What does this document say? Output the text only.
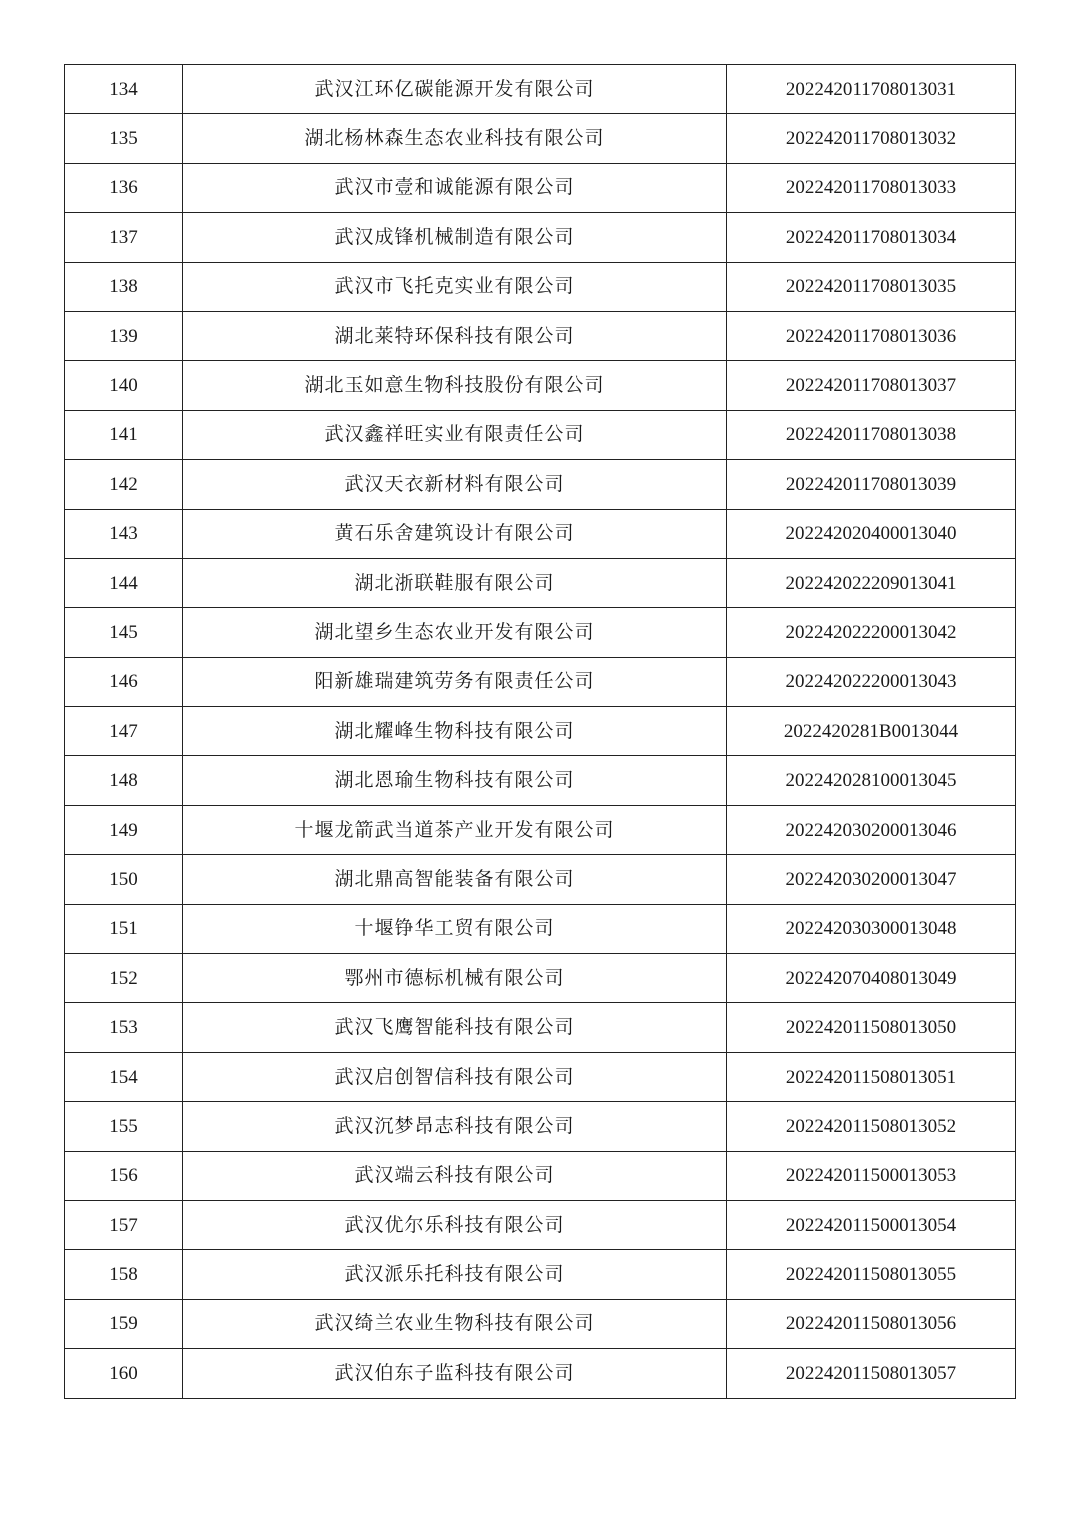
134	武汉江环亿碳能源开发有限公司	202242011708013031
135	湖北杨林森生态农业科技有限公司	202242011708013032
136	武汉市壹和诚能源有限公司	202242011708013033
137	武汉成锋机械制造有限公司	202242011708013034
138	武汉市飞托克实业有限公司	202242011708013035
139	湖北莱特环保科技有限公司	202242011708013036
140	湖北玉如意生物科技股份有限公司	202242011708013037
141	武汉鑫祥旺实业有限责任公司	202242011708013038
142	武汉天衣新材料有限公司	202242011708013039
143	黄石乐舍建筑设计有限公司	202242020400013040
144	湖北浙联鞋服有限公司	202242022209013041
145	湖北望乡生态农业开发有限公司	202242022200013042
146	阳新雄瑞建筑劳务有限责任公司	202242022200013043
147	湖北耀峰生物科技有限公司	2022420281B0013044
148	湖北恩瑜生物科技有限公司	202242028100013045
149	十堰龙箭武当道茶产业开发有限公司	202242030200013046
150	湖北鼎高智能装备有限公司	202242030200013047
151	十堰铮华工贸有限公司	202242030300013048
152	鄂州市德标机械有限公司	202242070408013049
153	武汉飞鹰智能科技有限公司	202242011508013050
154	武汉启创智信科技有限公司	202242011508013051
155	武汉沉梦昂志科技有限公司	202242011508013052
156	武汉端云科技有限公司	202242011500013053
157	武汉优尔乐科技有限公司	202242011500013054
158	武汉派乐托科技有限公司	202242011508013055
159	武汉绮兰农业生物科技有限公司	202242011508013056
160	武汉伯东子监科技有限公司	202242011508013057
